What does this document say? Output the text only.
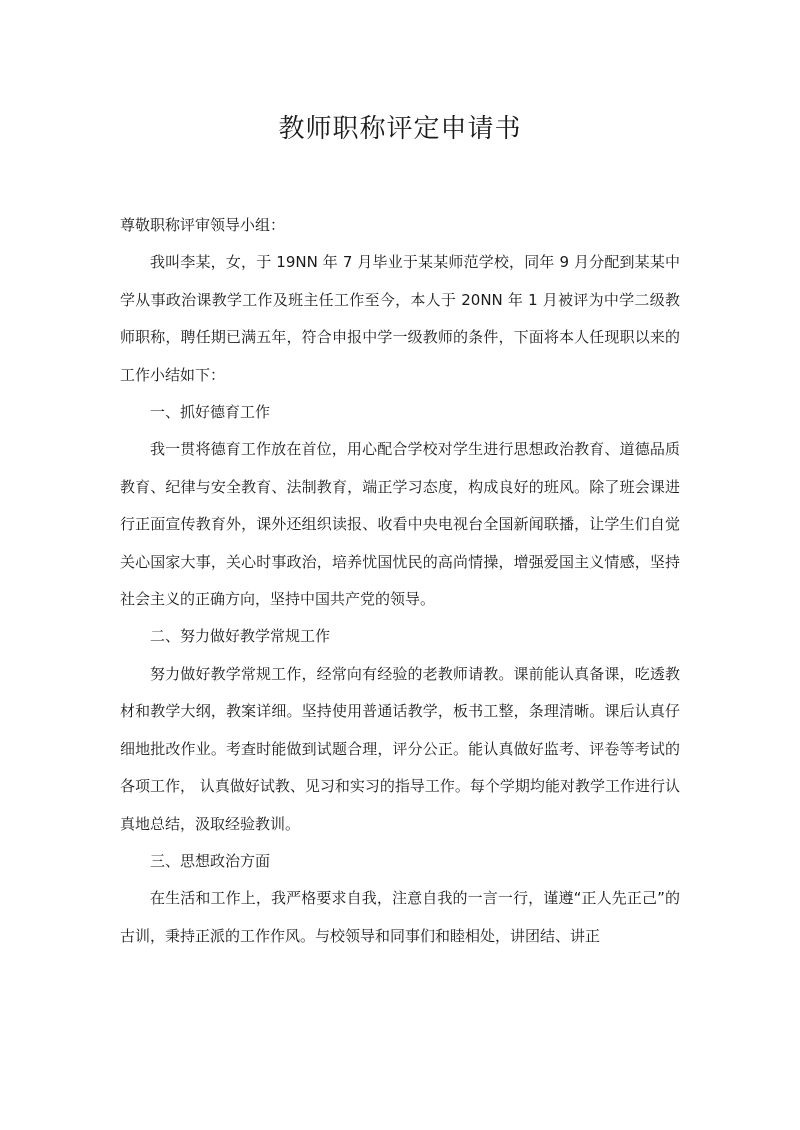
教师职称评定申请书

尊敬职称评审领导小组：

我叫李某，女，于 19NN 年 7 月毕业于某某师范学校，同年 9 月分配到某某中学从事政治课教学工作及班主任工作至今，本人于 20NN 年 1 月被评为中学二级教师职称，聘任期已满五年，符合申报中学一级教师的条件，下面将本人任现职以来的工作小结如下：

一、抓好德育工作

我一贯将德育工作放在首位，用心配合学校对学生进行思想政治教育、道德品质教育、纪律与安全教育、法制教育，端正学习态度，构成良好的班风。除了班会课进行正面宣传教育外，课外还组织读报、收看中央电视台全国新闻联播，让学生们自觉关心国家大事，关心时事政治，培养忧国忧民的高尚情操，增强爱国主义情感，坚持社会主义的正确方向，坚持中国共产党的领导。

二、努力做好教学常规工作

努力做好教学常规工作，经常向有经验的老教师请教。课前能认真备课，吃透教材和教学大纲，教案详细。坚持使用普通话教学，板书工整，条理清晰。课后认真仔细地批改作业。考查时能做到试题合理，评分公正。能认真做好监考、评卷等考试的各项工作， 认真做好试教、见习和实习的指导工作。每个学期均能对教学工作进行认真地总结，汲取经验教训。

三、思想政治方面

在生活和工作上，我严格要求自我，注意自我的一言一行，谨遵“正人先正己”的古训，秉持正派的工作作风。与校领导和同事们和睦相处，讲团结、讲正
